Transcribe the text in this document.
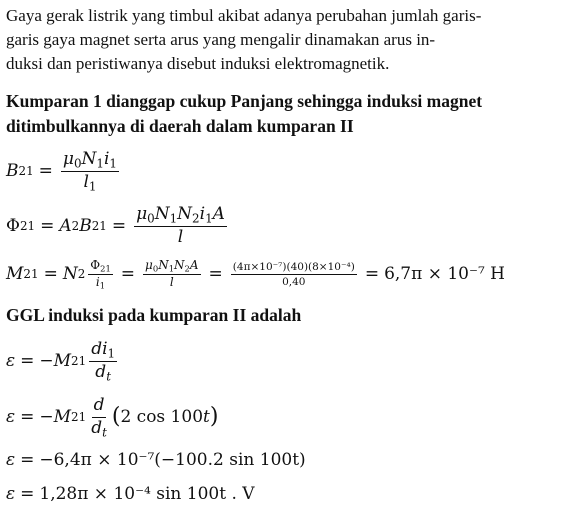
Gaya gerak listrik yang timbul akibat adanya perubahan jumlah garis-
garis gaya magnet serta arus yang mengalir dinamakan arus in-
duksi dan peristiwanya disebut induksi elektromagnetik.

Kumparan 1 dianggap cukup Panjang sehingga induksi magnet
ditimbulkannya di daerah dalam kumparan II

B $21 = \frac{\mu_0N_1i_1}{l_1}$
Φ 21 = A 2 B $21 = \frac{\mu_0N_1N_2i_1A}{l}$
M 21 = N $2 \frac{\Phi_{21}}{i_1} = \frac{\mu_0N_1N_2A}{l} = \frac{\text{(4π×10⁻⁷)(40)(8×10⁻⁴)}}{0,40} = 6,7\pi \times 10^{-7}$ H

GGL induksi pada kumparan II adalah

ε = − M $21 \frac{di_1}{d_t}$
ε = − M $21 \frac{d}{d_t}$ ( 2 cos 100t )
ε = −6,4π × 10⁻⁷(−100.2 sin 100t)
ε = 1,28π × 10⁻⁴ sin 100t . V
